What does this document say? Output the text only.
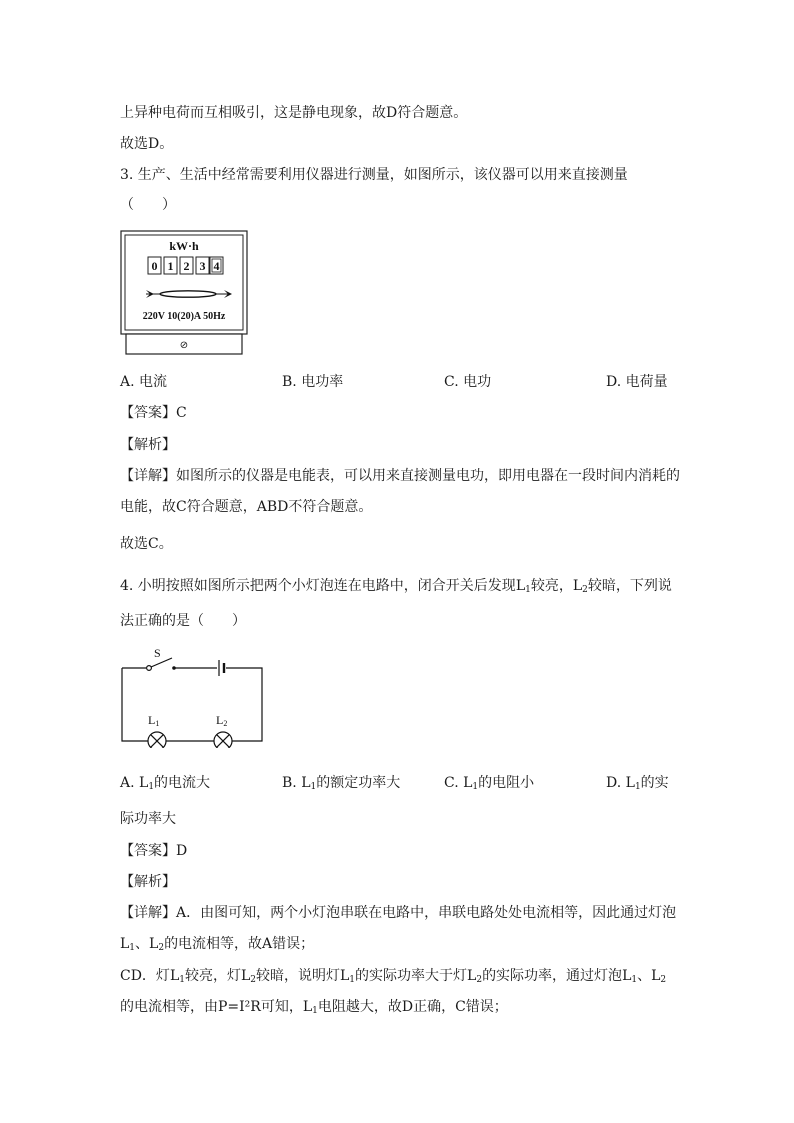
上异种电荷而互相吸引，这是静电现象，故D符合题意。
故选D。
3. 生产、生活中经常需要利用仪器进行测量，如图所示，该仪器可以用来直接测量
（　　）
kW·h
0 1 2 3 4
220V 10(20)A 50Hz
⊘
A. 电流	B. 电功率	C. 电功	D. 电荷量
【答案】C
【解析】
【详解】如图所示的仪器是电能表，可以用来直接测量电功，即用电器在一段时间内消耗的
电能，故C符合题意，ABD不符合题意。
故选C。
4. 小明按照如图所示把两个小灯泡连在电路中，闭合开关后发现$L_1$较亮，$L_2$较暗，下列说
法正确的是（　　）
S
L1	L2
A. $L_1$的电流大	B. $L_1$的额定功率大	C. $L_1$的电阻小	D. $L_1$的实
际功率大
【答案】D
【解析】
【详解】A．由图可知，两个小灯泡串联在电路中，串联电路处处电流相等，因此通过灯泡
$L_1$、$L_2$的电流相等，故A错误；
CD．灯$L_1$较亮，灯$L_2$较暗，说明灯$L_1$的实际功率大于灯$L_2$的实际功率，通过灯泡$L_1$、$L_2$
的电流相等，由P=I²R可知，$L_1$电阻越大，故D正确，C错误；
